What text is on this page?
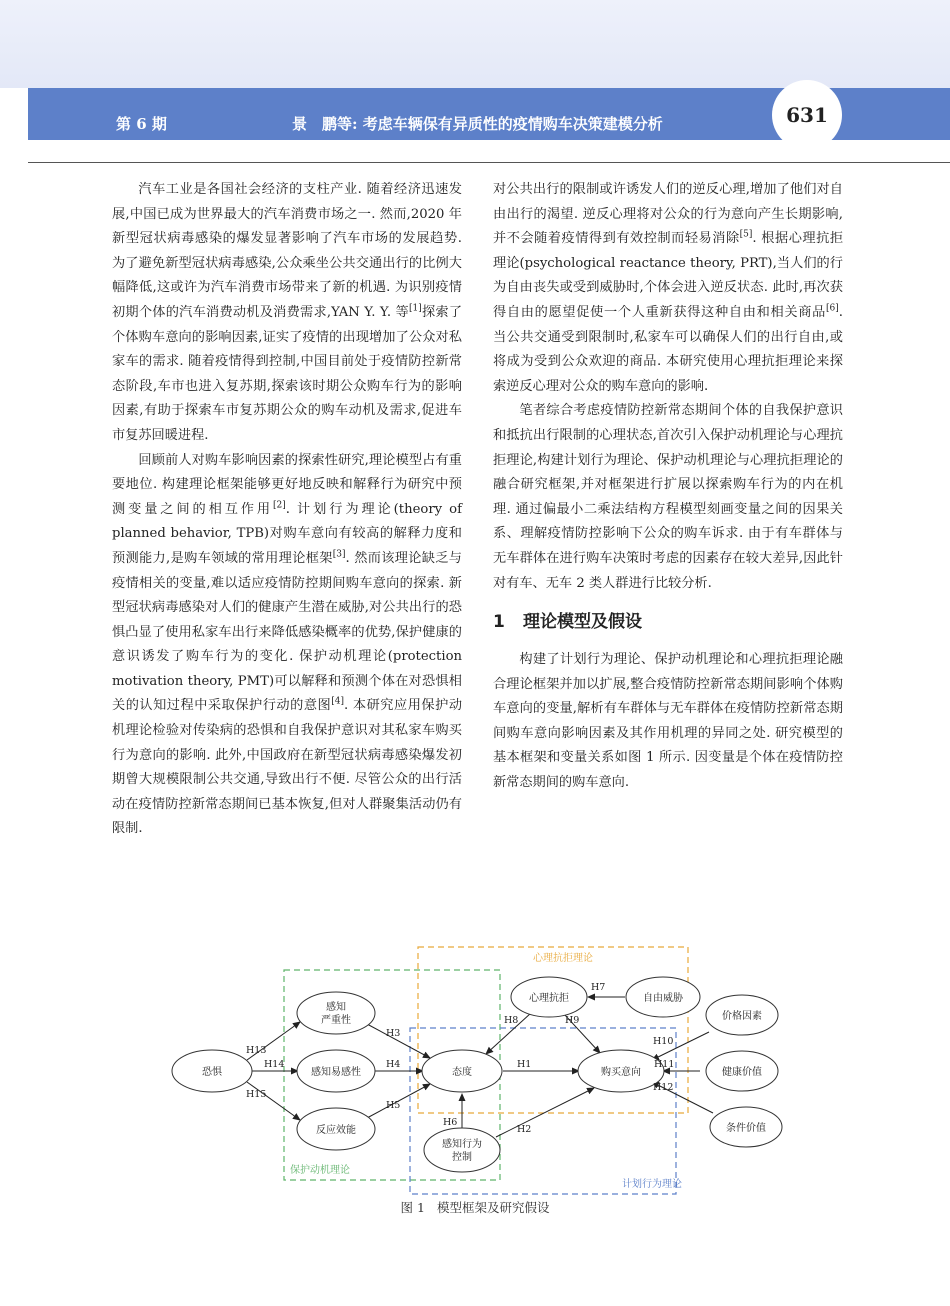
第 6 期	景　鹏等: 考虑车辆保有异质性的疫情购车决策建模分析	631

汽车工业是各国社会经济的支柱产业. 随着经济迅速发展,中国已成为世界最大的汽车消费市场之一. 然而,2020 年新型冠状病毒感染的爆发显著影响了汽车市场的发展趋势. 为了避免新型冠状病毒感染,公众乘坐公共交通出行的比例大幅降低,这或许为汽车消费市场带来了新的机遇. 为识别疫情初期个体的汽车消费动机及消费需求,YAN Y. Y. 等[1]探索了个体购车意向的影响因素,证实了疫情的出现增加了公众对私家车的需求. 随着疫情得到控制,中国目前处于疫情防控新常态阶段,车市也进入复苏期,探索该时期公众购车行为的影响因素,有助于探索车市复苏期公众的购车动机及需求,促进车市复苏回暖进程.

回顾前人对购车影响因素的探索性研究,理论模型占有重要地位. 构建理论框架能够更好地反映和解释行为研究中预测变量之间的相互作用[2]. 计划行为理论(theory of planned behavior, TPB)对购车意向有较高的解释力度和预测能力,是购车领域的常用理论框架[3]. 然而该理论缺乏与疫情相关的变量,难以适应疫情防控期间购车意向的探索. 新型冠状病毒感染对人们的健康产生潜在威胁,对公共出行的恐惧凸显了使用私家车出行来降低感染概率的优势,保护健康的意识诱发了购车行为的变化. 保护动机理论(protection motivation theory, PMT)可以解释和预测个体在对恐惧相关的认知过程中采取保护行动的意图[4]. 本研究应用保护动机理论检验对传染病的恐惧和自我保护意识对其私家车购买行为意向的影响. 此外,中国政府在新型冠状病毒感染爆发初期曾大规模限制公共交通,导致出行不便. 尽管公众的出行活动在疫情防控新常态期间已基本恢复,但对人群聚集活动仍有限制.

对公共出行的限制或许诱发人们的逆反心理,增加了他们对自由出行的渴望. 逆反心理将对公众的行为意向产生长期影响,并不会随着疫情得到有效控制而轻易消除[5]. 根据心理抗拒理论(psychological reactance theory, PRT),当人们的行为自由丧失或受到威胁时,个体会进入逆反状态. 此时,再次获得自由的愿望促使一个人重新获得这种自由和相关商品[6]. 当公共交通受到限制时,私家车可以确保人们的出行自由,或将成为受到公众欢迎的商品. 本研究使用心理抗拒理论来探索逆反心理对公众的购车意向的影响.

笔者综合考虑疫情防控新常态期间个体的自我保护意识和抵抗出行限制的心理状态,首次引入保护动机理论与心理抗拒理论,构建计划行为理论、保护动机理论与心理抗拒理论的融合研究框架,并对框架进行扩展以探索购车行为的内在机理. 通过偏最小二乘法结构方程模型刻画变量之间的因果关系、理解疫情防控影响下公众的购车诉求. 由于有车群体与无车群体在进行购车决策时考虑的因素存在较大差异,因此针对有车、无车 2 类人群进行比较分析.

1 理论模型及假设

构建了计划行为理论、保护动机理论和心理抗拒理论融合理论框架并加以扩展,整合疫情防控新常态期间影响个体购车意向的变量,解析有车群体与无车群体在疫情防控新常态期间购车意向影响因素及其作用机理的异同之处. 研究模型的基本框架和变量关系如图 1 所示. 因变量是个体在疫情防控新常态期间的购车意向.

心理抗拒理论
保护动机理论
计划行为理论
恐惧
感知
严重性
感知易感性
反应效能
态度
感知行为
控制
心理抗拒	自由威胁
购买意向
价格因素
健康价值
条件价值
H13
H14
H15
H3
H4
H5
H1
H6
H2
H7
H8	H9
H10
H11
H12
图 1 模型框架及研究假设
